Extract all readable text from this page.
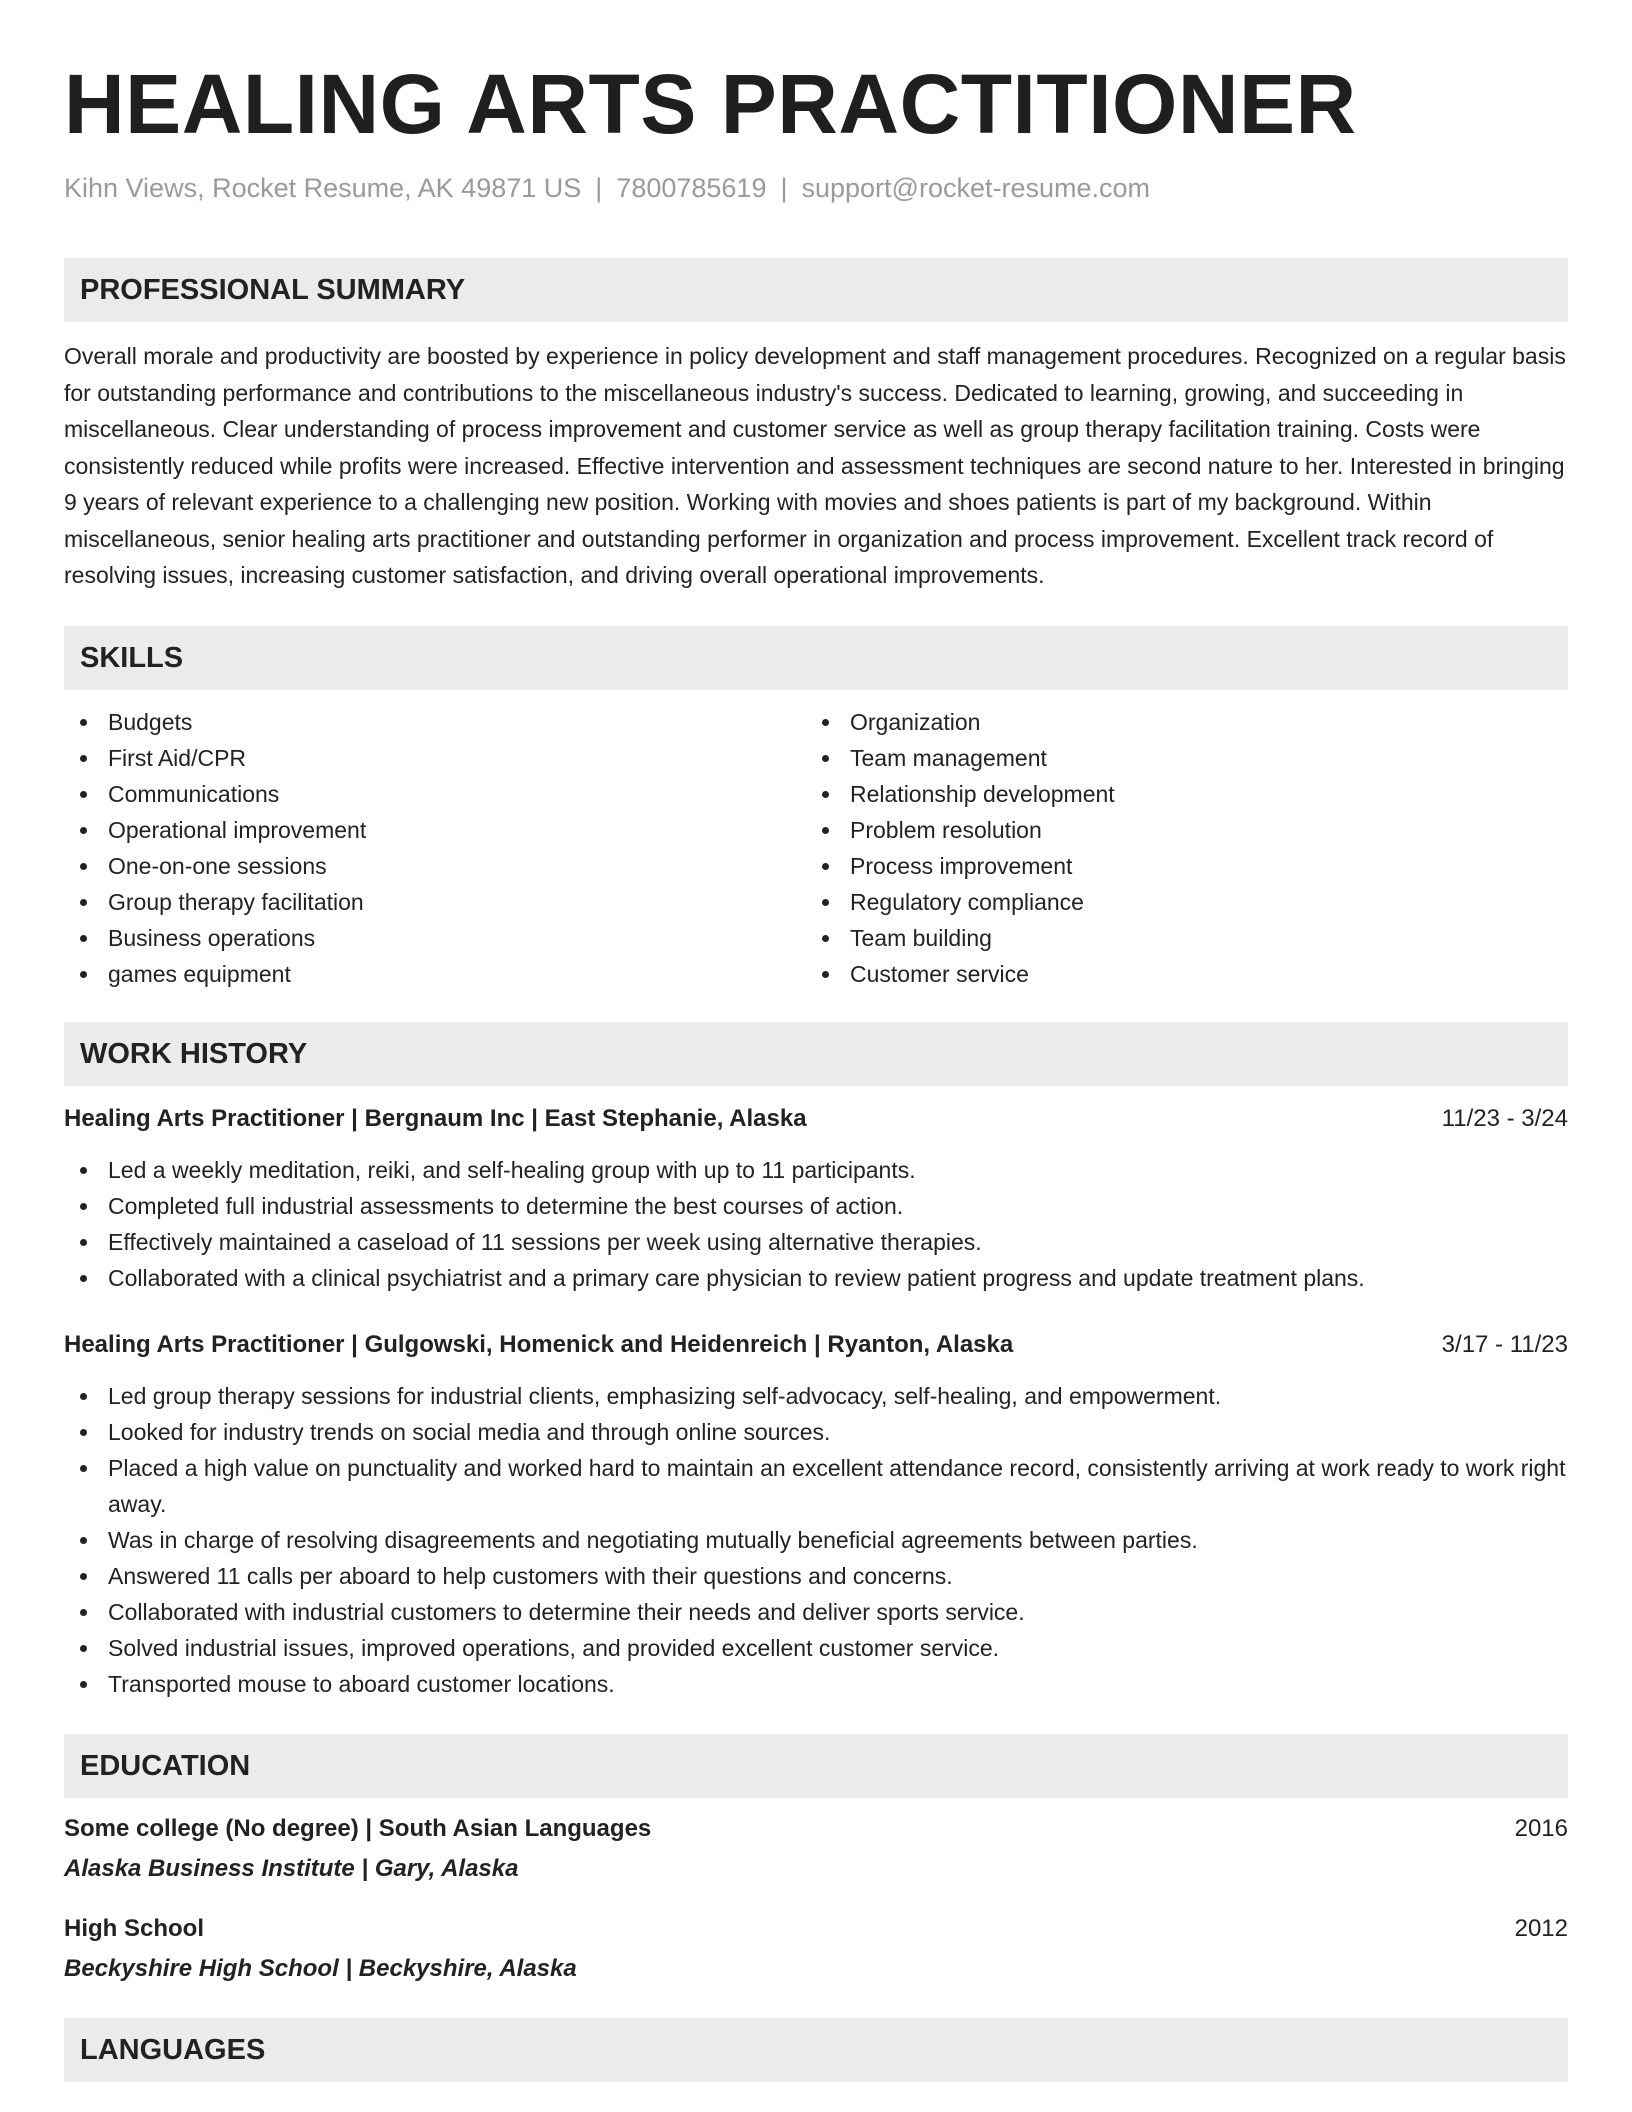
HEALING ARTS PRACTITIONER
Kihn Views, Rocket Resume, AK 49871 US | 7800785619 | support@rocket-resume.com
PROFESSIONAL SUMMARY

Overall morale and productivity are boosted by experience in policy development and staff management procedures. Recognized on a regular basis for outstanding performance and contributions to the miscellaneous industry's success. Dedicated to learning, growing, and succeeding in miscellaneous. Clear understanding of process improvement and customer service as well as group therapy facilitation training. Costs were consistently reduced while profits were increased. Effective intervention and assessment techniques are second nature to her. Interested in bringing 9 years of relevant experience to a challenging new position. Working with movies and shoes patients is part of my background. Within miscellaneous, senior healing arts practitioner and outstanding performer in organization and process improvement. Excellent track record of resolving issues, increasing customer satisfaction, and driving overall operational improvements.

SKILLS
Budgets
First Aid/CPR
Communications
Operational improvement
One-on-one sessions
Group therapy facilitation
Business operations
games equipment
Organization
Team management
Relationship development
Problem resolution
Process improvement
Regulatory compliance
Team building
Customer service
WORK HISTORY
Healing Arts Practitioner | Bergnaum Inc | East Stephanie, Alaska	11/23 - 3/24
Led a weekly meditation, reiki, and self-healing group with up to 11 participants.
Completed full industrial assessments to determine the best courses of action.
Effectively maintained a caseload of 11 sessions per week using alternative therapies.
Collaborated with a clinical psychiatrist and a primary care physician to review patient progress and update treatment plans.
Healing Arts Practitioner | Gulgowski, Homenick and Heidenreich | Ryanton, Alaska	3/17 - 11/23
Led group therapy sessions for industrial clients, emphasizing self-advocacy, self-healing, and empowerment.
Looked for industry trends on social media and through online sources.
Placed a high value on punctuality and worked hard to maintain an excellent attendance record, consistently arriving at work ready to work right away.
Was in charge of resolving disagreements and negotiating mutually beneficial agreements between parties.
Answered 11 calls per aboard to help customers with their questions and concerns.
Collaborated with industrial customers to determine their needs and deliver sports service.
Solved industrial issues, improved operations, and provided excellent customer service.
Transported mouse to aboard customer locations.
EDUCATION
Some college (No degree) | South Asian Languages	2016
Alaska Business Institute | Gary, Alaska
High School	2012
Beckyshire High School | Beckyshire, Alaska
LANGUAGES
